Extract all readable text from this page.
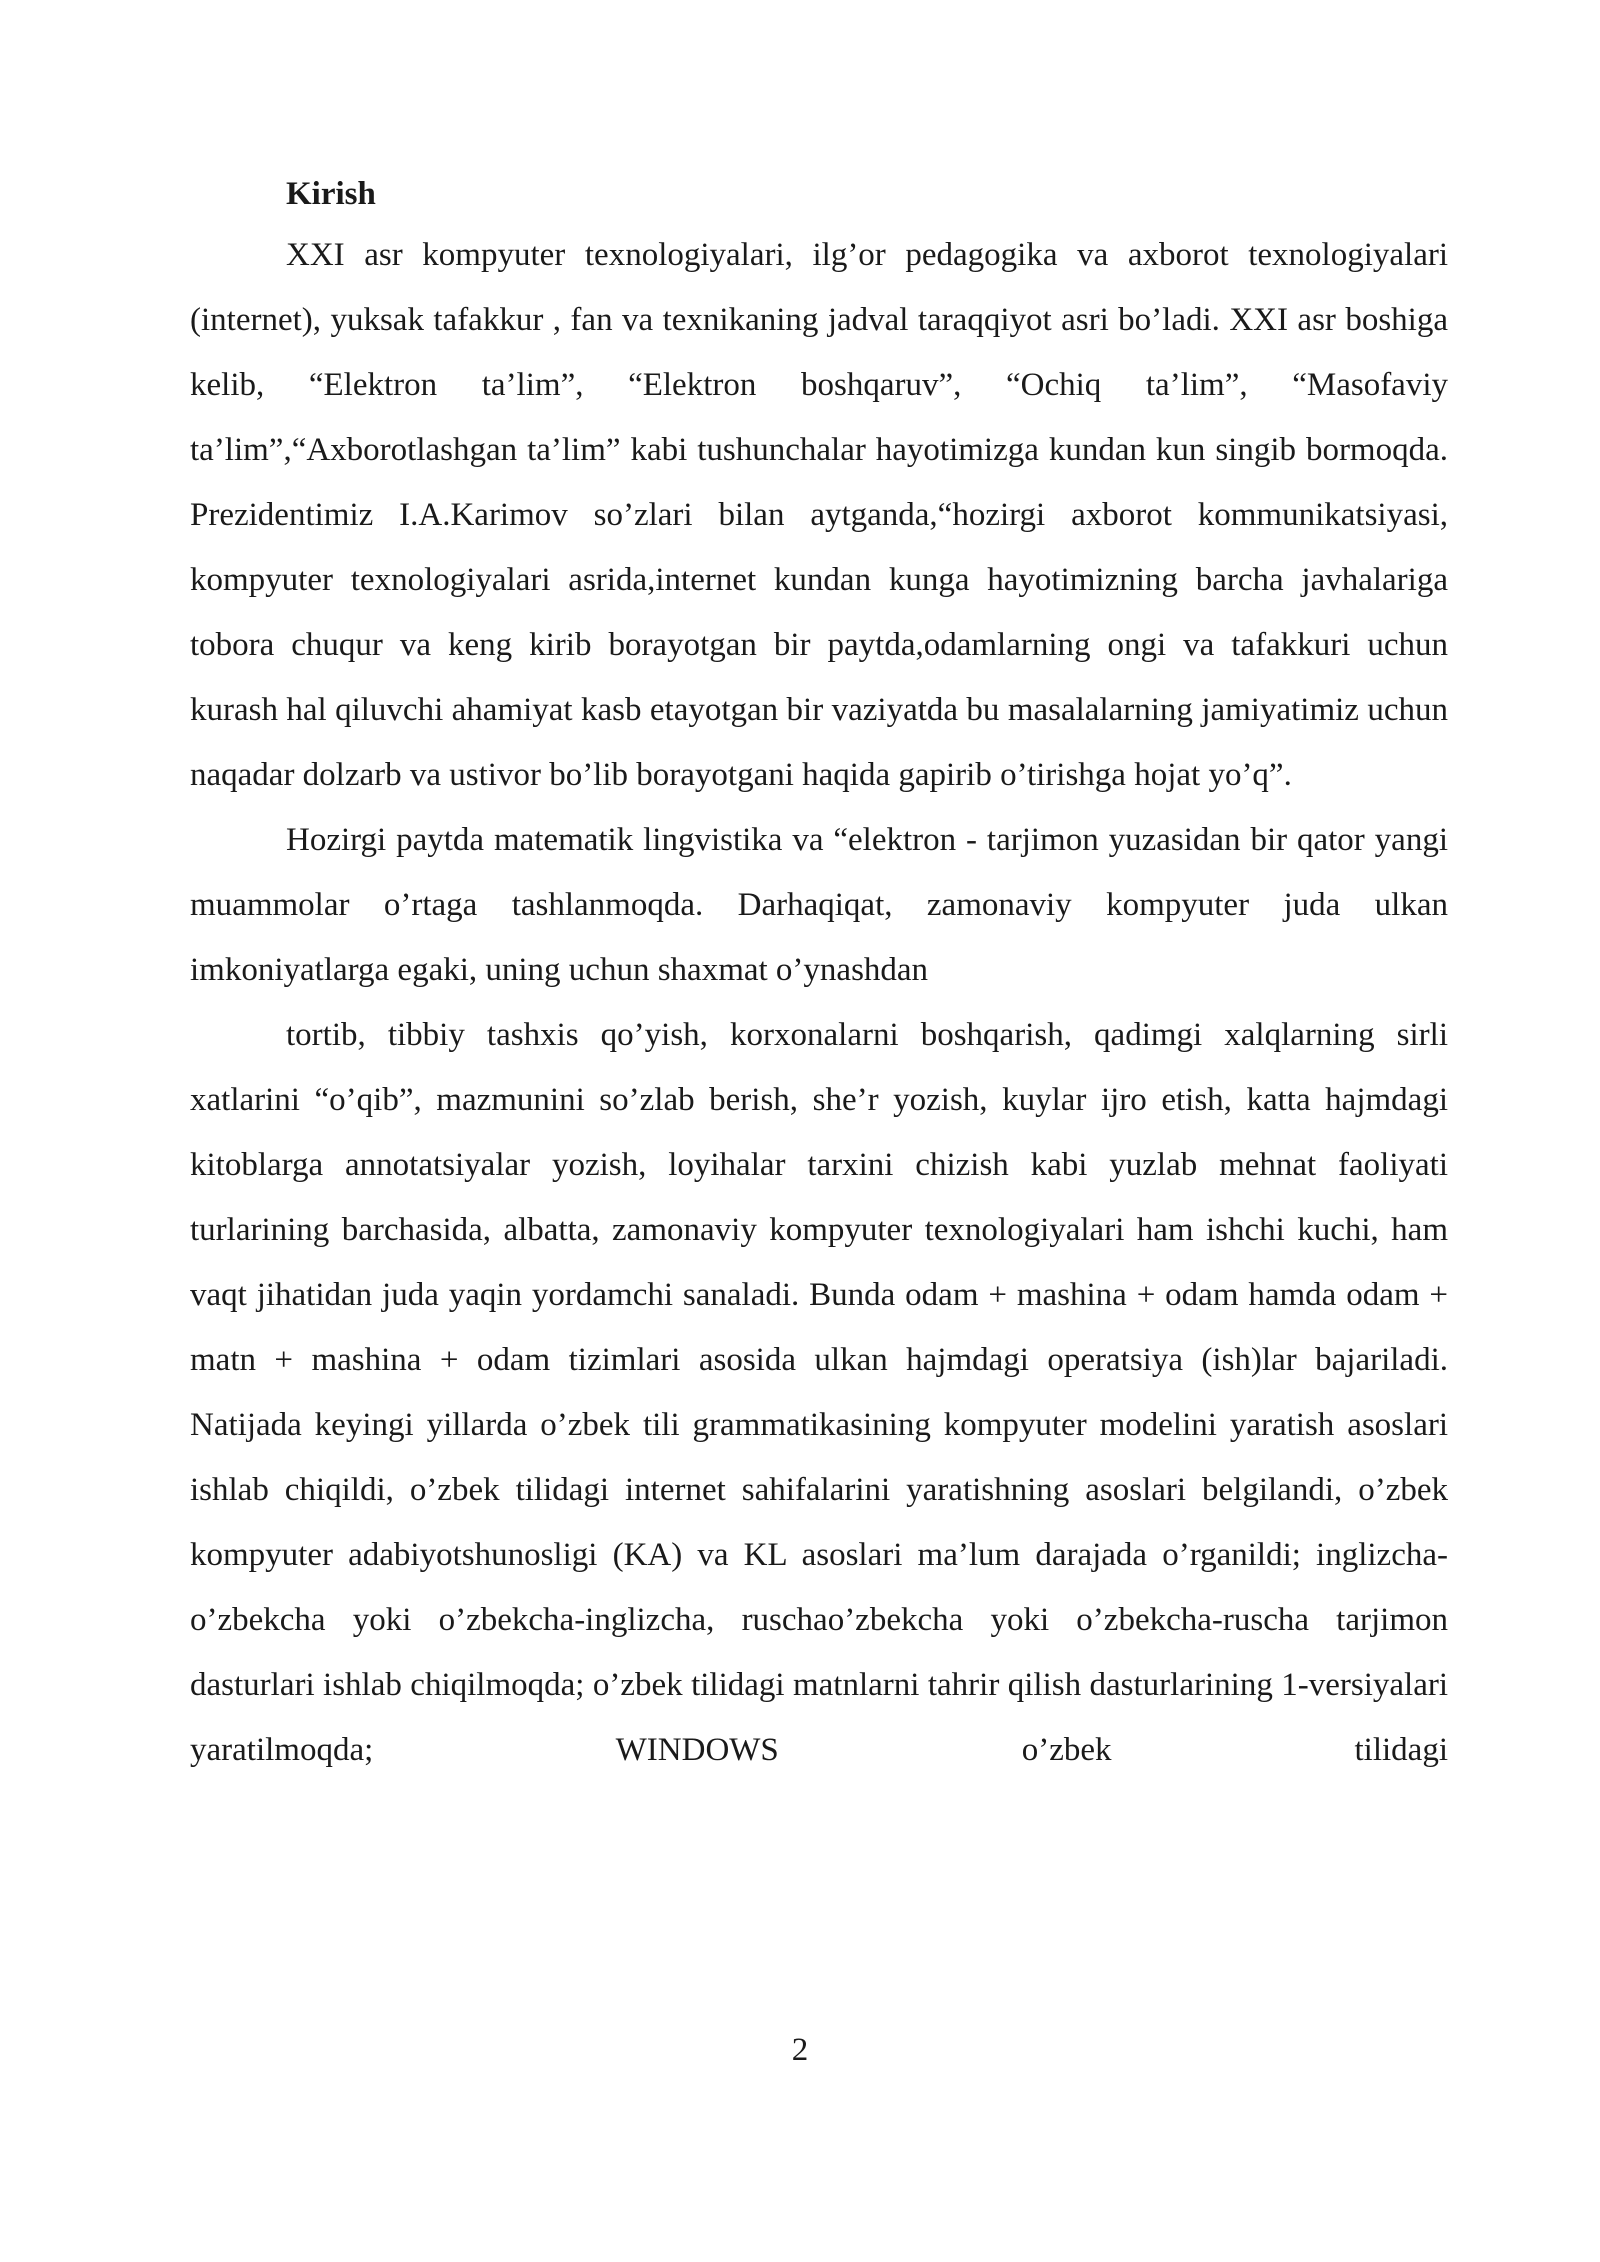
Kirish

XXI asr kompyuter texnologiyalari, ilg’or pedagogika va axborot texnologiyalari (internet), yuksak tafakkur , fan va texnikaning jadval taraqqiyot asri bo’ladi. XXI asr boshiga kelib, “Elektron ta’lim”, “Elektron boshqaruv”, “Ochiq ta’lim”, “Masofaviy ta’lim”,“Axborotlashgan ta’lim” kabi tushunchalar hayotimizga kundan kun singib bormoqda. Prezidentimiz I.A.Karimov so’zlari bilan aytganda,“hozirgi axborot kommunikatsiyasi, kompyuter texnologiyalari asrida,internet kundan kunga hayotimizning barcha javhalariga tobora chuqur va keng kirib borayotgan bir paytda,odamlarning ongi va tafakkuri uchun kurash hal qiluvchi ahamiyat kasb etayotgan bir vaziyatda bu masalalarning jamiyatimiz uchun naqadar dolzarb va ustivor bo’lib borayotgani haqida gapirib o’tirishga hojat yo’q”.

Hozirgi paytda matematik lingvistika va “elektron - tarjimon yuzasidan bir qator yangi muammolar o’rtaga tashlanmoqda. Darhaqiqat, zamonaviy kompyuter juda ulkan imkoniyatlarga egaki, uning uchun shaxmat o’ynashdan

tortib, tibbiy tashxis qo’yish, korxonalarni boshqarish, qadimgi xalqlarning sirli xatlarini “o’qib”, mazmunini so’zlab berish, she’r yozish, kuylar ijro etish, katta hajmdagi kitoblarga annotatsiyalar yozish, loyihalar tarxini chizish kabi yuzlab mehnat faoliyati turlarining barchasida, albatta, zamonaviy kompyuter texnologiyalari ham ishchi kuchi, ham vaqt jihatidan juda yaqin yordamchi sanaladi. Bunda odam + mashina + odam hamda odam + matn + mashina + odam tizimlari asosida ulkan hajmdagi operatsiya (ish)lar bajariladi. Natijada keyingi yillarda o’zbek tili grammatikasining kompyuter modelini yaratish asoslari ishlab chiqildi, o’zbek tilidagi internet sahifalarini yaratishning asoslari belgilandi, o’zbek kompyuter adabiyotshunosligi (KA) va KL asoslari ma’lum darajada o’rganildi; inglizcha-o’zbekcha yoki o’zbekcha-inglizcha, ruschao’zbekcha yoki o’zbekcha-ruscha tarjimon dasturlari ishlab chiqilmoqda; o’zbek tilidagi matnlarni tahrir qilish dasturlarining 1-versiyalari yaratilmoqda; WINDOWS o’zbek tilidagi

2
